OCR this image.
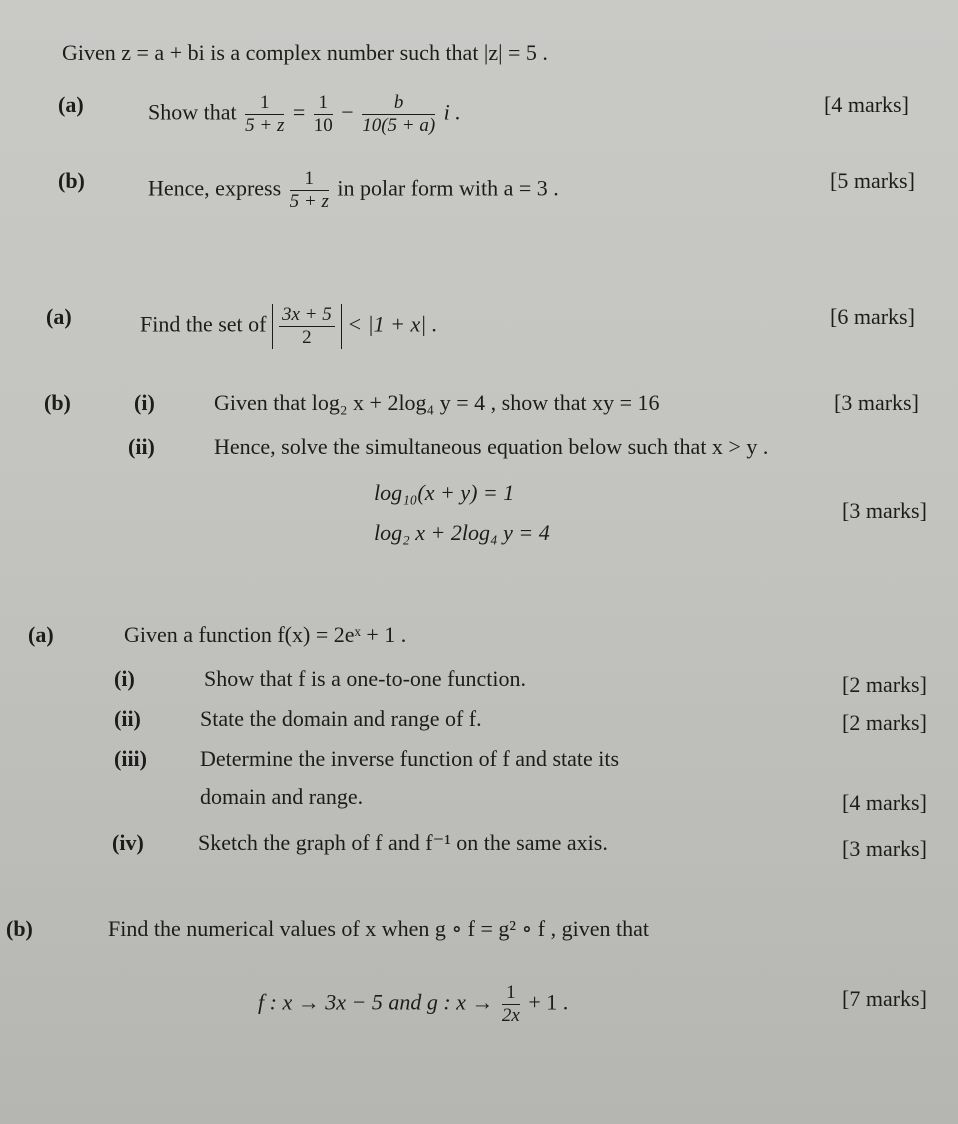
Given z = a + bi is a complex number such that |z| = 5 .
(a)	Show that $\frac{1}{5 + z} = \frac{1}{10} - \frac{b}{10(5 + a)}$ i .	[4 marks]
(b)	Hence, express $\frac{1}{5 + z}$ in polar form with a = 3 .	[5 marks]
(a)	Find the set of $\frac{3x + 5}{2} < |1 + x|$ .	[6 marks]
(b)	(i)	Given that log₂ x + 2log₄ y = 4 , show that xy = 16	[3 marks]
(ii)	Hence, solve the simultaneous equation below such that x > y .
log₁₀(x + y) = 1
log₂ x + 2log₄ y = 4
[3 marks]
(a)	Given a function f(x) = 2eˣ + 1 .
(i)	Show that f is a one-to-one function.	[2 marks]
(ii)	State the domain and range of f.	[2 marks]
(iii) Determine the inverse function of f and state its
domain and range.	[4 marks]
(iv) Sketch the graph of f and f⁻¹ on the same axis.	[3 marks]
(b)	Find the numerical values of x when g ∘ f = g² ∘ f , given that
f : x → 3x − 5 and g : $x \to \frac{1}{2x} + 1$ .	[7 marks]
